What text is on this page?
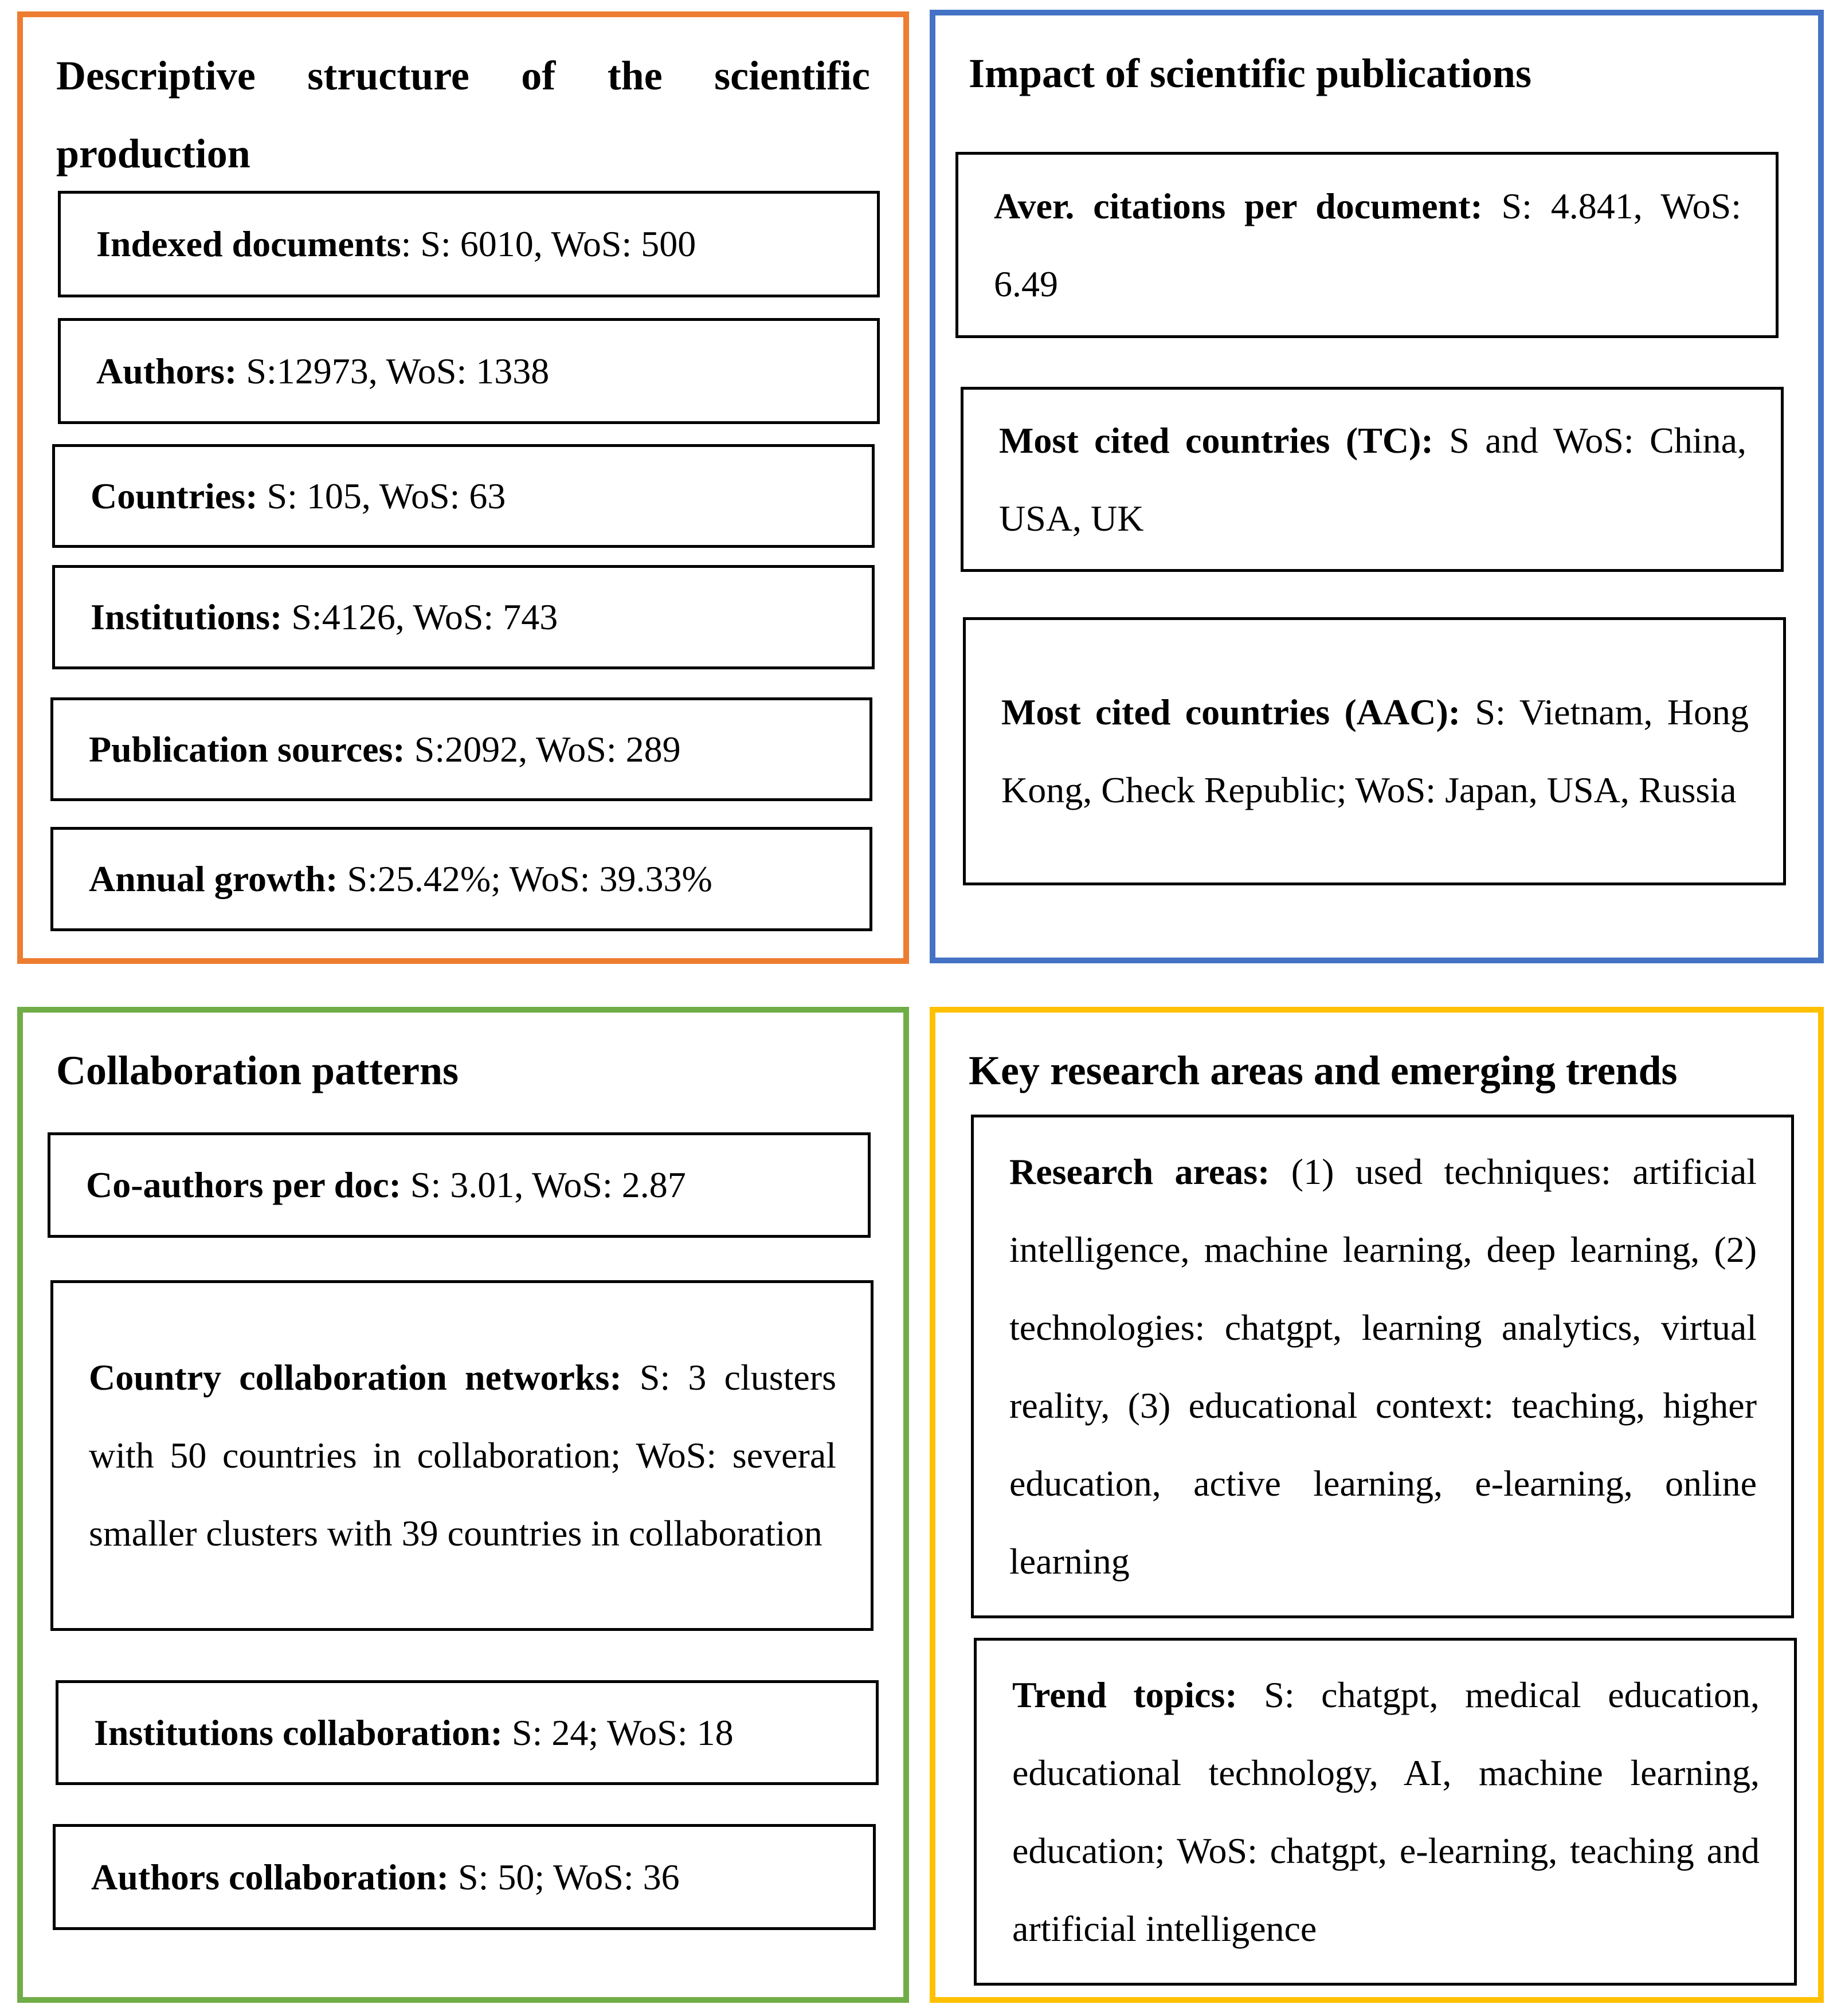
Descriptive structure of the scientific production

Indexed documents: S: 6010, WoS: 500

Authors: S:12973, WoS: 1338

Countries: S: 105, WoS: 63

Institutions: S:4126, WoS: 743

Publication sources: S:2092, WoS: 289

Annual growth: S:25.42%; WoS: 39.33%

Impact of scientific publications

Aver. citations per document: S: 4.841, WoS: 6.49

Most cited countries (TC): S and WoS: China, USA, UK

Most cited countries (AAC): S: Vietnam, Hong Kong, Check Republic; WoS: Japan, USA, Russia

Collaboration patterns

Co-authors per doc: S: 3.01, WoS: 2.87

Country collaboration networks: S: 3 clusters with 50 countries in collaboration; WoS: several smaller clusters with 39 countries in collaboration

Institutions collaboration: S: 24; WoS: 18

Authors collaboration: S: 50; WoS: 36

Key research areas and emerging trends

Research areas: (1) used techniques: artificial intelligence, machine learning, deep learning, (2) technologies: chatgpt, learning analytics, virtual reality, (3) educational context: teaching, higher education, active learning, e-learning, online learning

Trend topics: S: chatgpt, medical education, educational technology, AI, machine learning, education; WoS: chatgpt, e-learning, teaching and artificial intelligence
